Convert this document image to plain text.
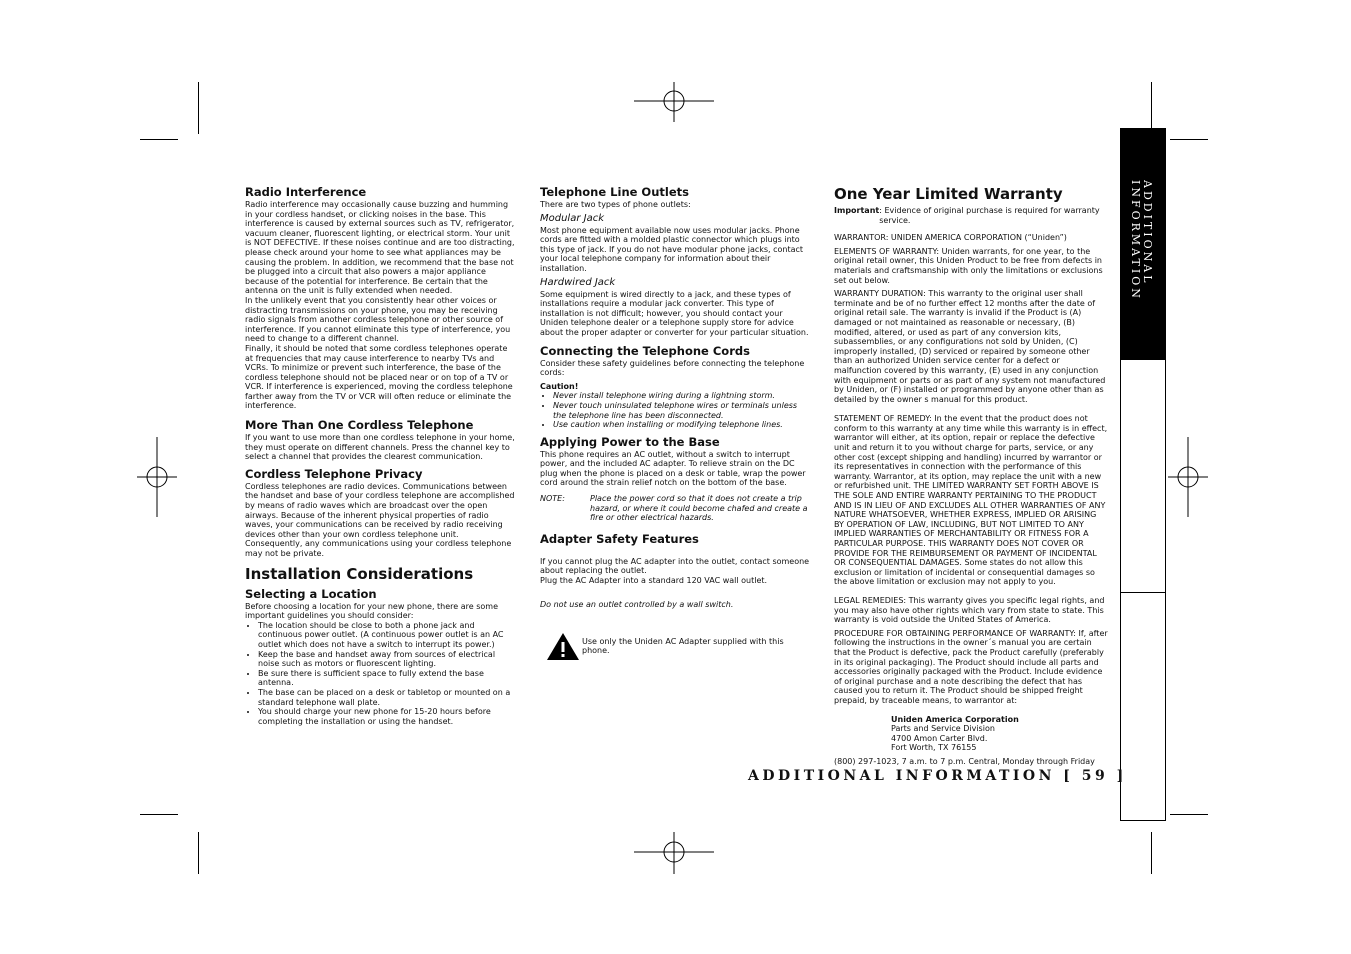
ADDITIONAL INFORMATION
Radio Interference

Radio interference may occasionally cause buzzing and humming in your cordless handset, or clicking noises in the base. This interference is caused by external sources such as TV, refrigerator, vacuum cleaner, fluorescent lighting, or electrical storm. Your unit is NOT DEFECTIVE. If these noises continue and are too distracting, please check around your home to see what appliances may be causing the problem. In addition, we recommend that the base not be plugged into a circuit that also powers a major appliance because of the potential for interference. Be certain that the antenna on the unit is fully extended when needed.

In the unlikely event that you consistently hear other voices or distracting transmissions on your phone, you may be receiving radio signals from another cordless telephone or other source of interference. If you cannot eliminate this type of interference, you need to change to a different channel.

Finally, it should be noted that some cordless telephones operate at frequencies that may cause interference to nearby TVs and VCRs. To minimize or prevent such interference, the base of the cordless telephone should not be placed near or on top of a TV or VCR. If interference is experienced, moving the cordless telephone farther away from the TV or VCR will often reduce or eliminate the interference.

More Than One Cordless Telephone

If you want to use more than one cordless telephone in your home, they must operate on different channels. Press the channel key to select a channel that provides the clearest communication.

Cordless Telephone Privacy

Cordless telephones are radio devices. Communications between the handset and base of your cordless telephone are accomplished by means of radio waves which are broadcast over the open airways. Because of the inherent physical properties of radio waves, your communications can be received by radio receiving devices other than your own cordless telephone unit. Consequently, any communications using your cordless telephone may not be private.

Installation Considerations
Selecting a Location

Before choosing a location for your new phone, there are some important guidelines you should consider:

• The location should be close to both a phone jack and continuous power outlet. (A continuous power outlet is an AC outlet which does not have a switch to interrupt its power.)
• Keep the base and handset away from sources of electrical noise such as motors or fluorescent lighting.
• Be sure there is sufficient space to fully extend the base antenna.
• The base can be placed on a desk or tabletop or mounted on a standard telephone wall plate.
• You should charge your new phone for 15-20 hours before completing the installation or using the handset.
Telephone Line Outlets

There are two types of phone outlets:

Modular Jack

Most phone equipment available now uses modular jacks. Phone cords are fitted with a molded plastic connector which plugs into this type of jack. If you do not have modular phone jacks, contact your local telephone company for information about their installation.

Hardwired Jack

Some equipment is wired directly to a jack, and these types of installations require a modular jack converter. This type of installation is not difficult; however, you should contact your Uniden telephone dealer or a telephone supply store for advice about the proper adapter or converter for your particular situation.

Connecting the Telephone Cords

Consider these safety guidelines before connecting the telephone cords:

Caution!

• Never install telephone wiring during a lightning storm.
• Never touch uninsulated telephone wires or terminals unless the telephone line has been disconnected.
• Use caution when installing or modifying telephone lines.
Applying Power to the Base

This phone requires an AC outlet, without a switch to interrupt power, and the included AC adapter. To relieve strain on the DC plug when the phone is placed on a desk or table, wrap the power cord around the strain relief notch on the bottom of the base.

NOTE:	Place the power cord so that it does not create a trip hazard, or where it could become chafed and create a fire or other electrical hazards.
Adapter Safety Features

If you cannot plug the AC adapter into the outlet, contact someone about replacing the outlet.

Plug the AC Adapter into a standard 120 VAC wall outlet.

Do not use an outlet controlled by a wall switch.

Use only the Uniden AC Adapter supplied with this phone.
One Year Limited Warranty
Important : Evidence of original purchase is required for warranty service.

WARRANTOR: UNIDEN AMERICA CORPORATION (“Uniden”)

ELEMENTS OF WARRANTY: Uniden warrants, for one year, to the original retail owner, this Uniden Product to be free from defects in materials and craftsmanship with only the limitations or exclusions set out below.

WARRANTY DURATION: This warranty to the original user shall terminate and be of no further effect 12 months after the date of original retail sale. The warranty is invalid if the Product is (A) damaged or not maintained as reasonable or necessary, (B) modified, altered, or used as part of any conversion kits, subassemblies, or any configurations not sold by Uniden, (C) improperly installed, (D) serviced or repaired by someone other than an authorized Uniden service center for a defect or malfunction covered by this warranty, (E) used in any conjunction with equipment or parts or as part of any system not manufactured by Uniden, or (F) installed or programmed by anyone other than as detailed by the owner s manual for this product.

STATEMENT OF REMEDY: In the event that the product does not conform to this warranty at any time while this warranty is in effect, warrantor will either, at its option, repair or replace the defective unit and return it to you without charge for parts, service, or any other cost (except shipping and handling) incurred by warrantor or its representatives in connection with the performance of this warranty. Warrantor, at its option, may replace the unit with a new or refurbished unit. THE LIMITED WARRANTY SET FORTH ABOVE IS THE SOLE AND ENTIRE WARRANTY PERTAINING TO THE PRODUCT AND IS IN LIEU OF AND EXCLUDES ALL OTHER WARRANTIES OF ANY NATURE WHATSOEVER, WHETHER EXPRESS, IMPLIED OR ARISING BY OPERATION OF LAW, INCLUDING, BUT NOT LIMITED TO ANY IMPLIED WARRANTIES OF MERCHANTABILITY OR FITNESS FOR A PARTICULAR PURPOSE. THIS WARRANTY DOES NOT COVER OR PROVIDE FOR THE REIMBURSEMENT OR PAYMENT OF INCIDENTAL OR CONSEQUENTIAL DAMAGES. Some states do not allow this exclusion or limitation of incidental or consequential damages so the above limitation or exclusion may not apply to you.

LEGAL REMEDIES: This warranty gives you specific legal rights, and you may also have other rights which vary from state to state. This warranty is void outside the United States of America.

PROCEDURE FOR OBTAINING PERFORMANCE OF WARRANTY: If, after following the instructions in the owner´s manual you are certain that the Product is defective, pack the Product carefully (preferably in its original packaging). The Product should include all parts and accessories originally packaged with the Product. Include evidence of original purchase and a note describing the defect that has caused you to return it. The Product should be shipped freight prepaid, by traceable means, to warrantor at:

Uniden America Corporation

Parts and Service Division

4700 Amon Carter Blvd.

Fort Worth, TX 76155

(800) 297-1023, 7 a.m. to 7 p.m. Central, Monday through Friday

ADDITIONAL INFORMATION [ 59 ]
